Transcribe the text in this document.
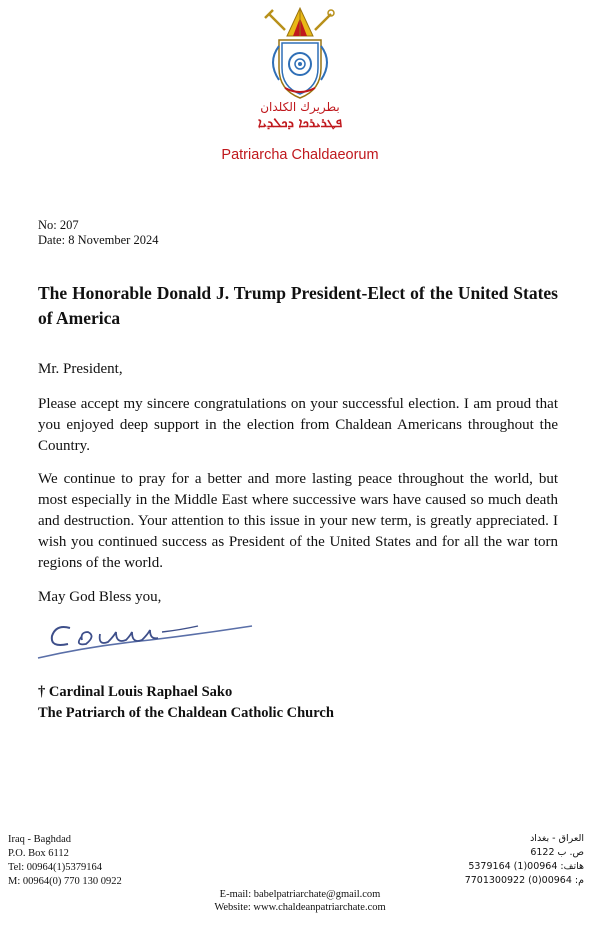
بطريرك الكلدان
ܦܛܪܝܪܟܐ ܕܟܠܕܝܐ
Patriarcha Chaldaeorum
No: 207
Date: 8 November 2024
The Honorable Donald J. Trump President-Elect of the United States of America
Mr. President,

Please accept my sincere congratulations on your successful election. I am proud that you enjoyed deep support in the election from Chaldean Americans throughout the Country.

We continue to pray for a better and more lasting peace throughout the world, but most especially in the Middle East where successive wars have caused so much death and destruction. Your attention to this issue in your new term, is greatly appreciated. I wish you continued success as President of the United States and for all the war torn regions of the world.

May God Bless you,
† Cardinal Louis Raphael Sako
The Patriarch of the Chaldean Catholic Church
Iraq - Baghdad
P.O. Box 6112
Tel: 00964(1)5379164
M: 00964(0) 770 130 0922
العراق - بغداد
ص. ب 6122
هاتف: 00964(1) 5379164
م: 00964(0) 7701300922
E-mail: babelpatriarchate@gmail.com
Website: www.chaldeanpatriarchate.com
